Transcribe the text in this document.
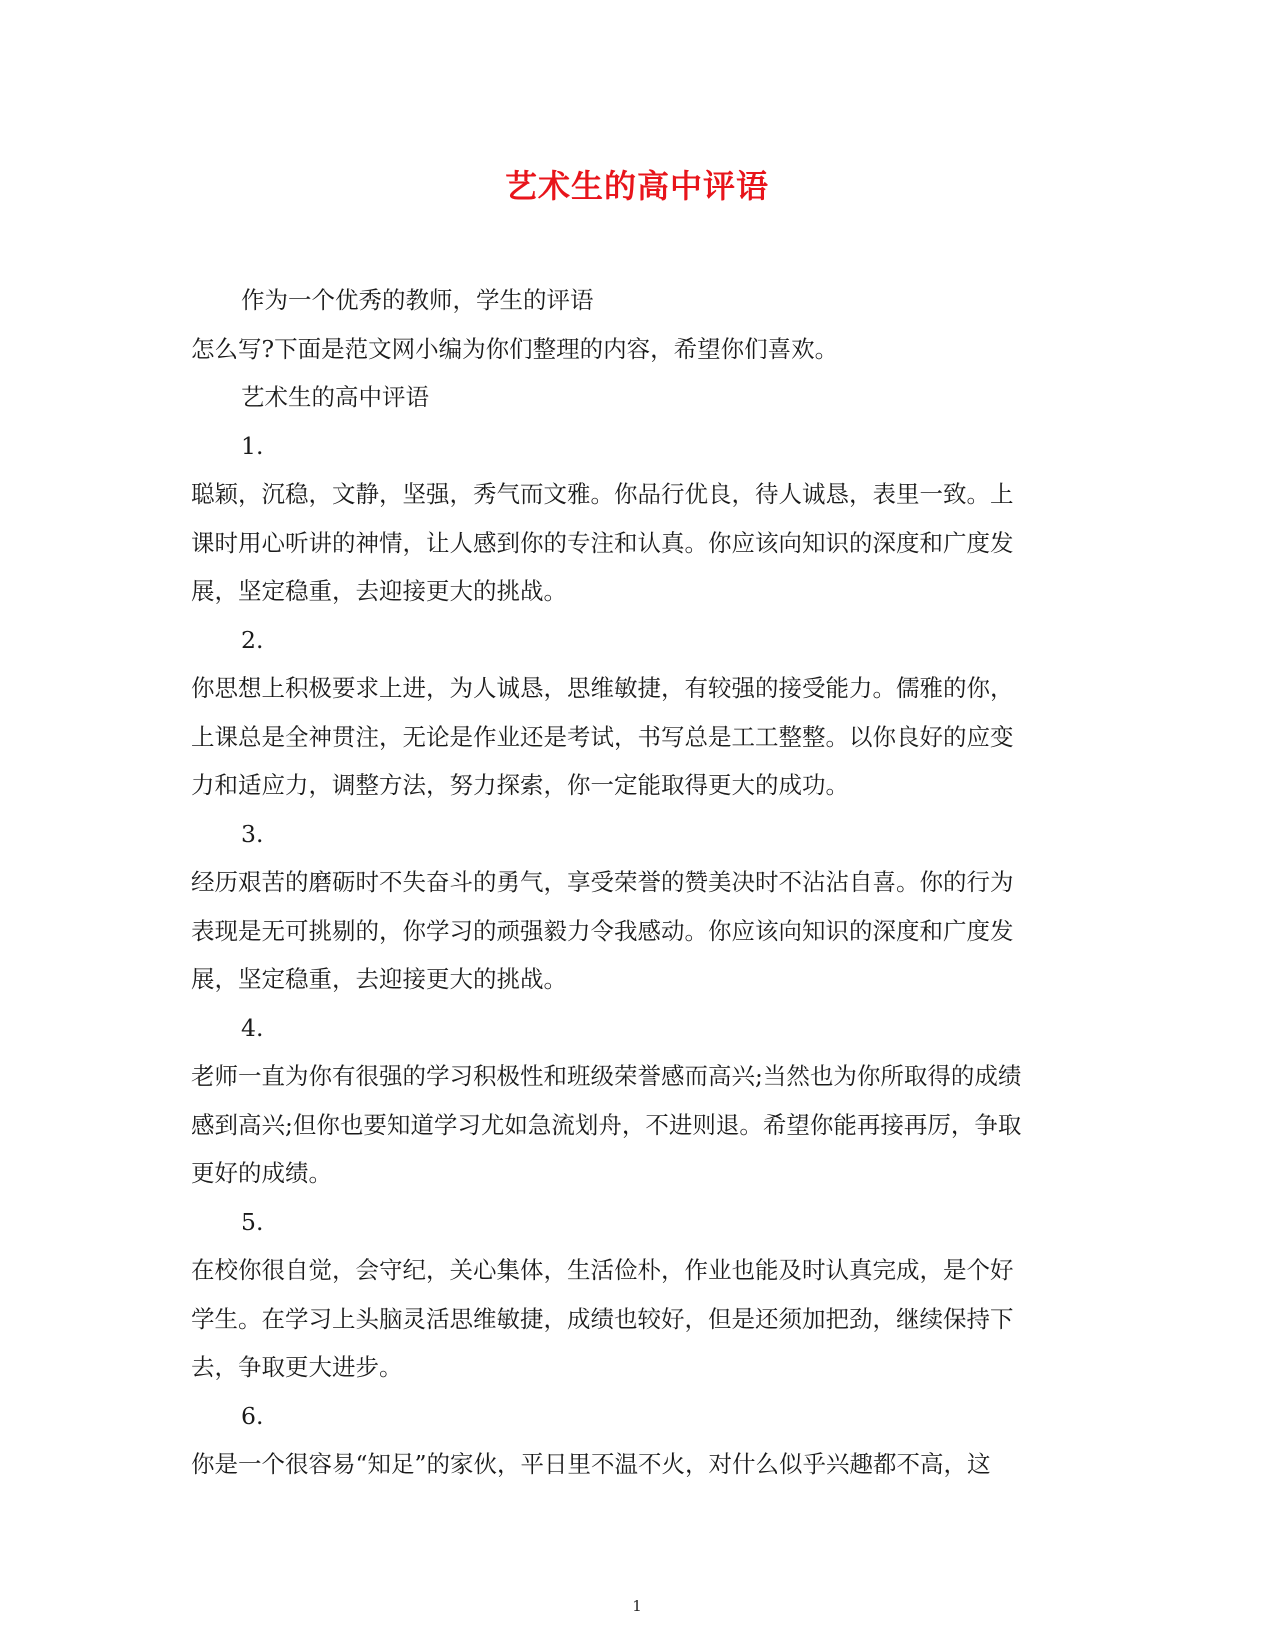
艺术生的高中评语
作为一个优秀的教师，学生的评语
怎么写?下面是范文网小编为你们整理的内容，希望你们喜欢。
艺术生的高中评语
1.
聪颖，沉稳，文静，坚强，秀气而文雅。你品行优良，待人诚恳，表里一致。上
课时用心听讲的神情，让人感到你的专注和认真。你应该向知识的深度和广度发
展，坚定稳重，去迎接更大的挑战。
2.
你思想上积极要求上进，为人诚恳，思维敏捷，有较强的接受能力。儒雅的你，
上课总是全神贯注，无论是作业还是考试，书写总是工工整整。以你良好的应变
力和适应力，调整方法，努力探索，你一定能取得更大的成功。
3.
经历艰苦的磨砺时不失奋斗的勇气，享受荣誉的赞美决时不沾沾自喜。你的行为
表现是无可挑剔的，你学习的顽强毅力令我感动。你应该向知识的深度和广度发
展，坚定稳重，去迎接更大的挑战。
4.
老师一直为你有很强的学习积极性和班级荣誉感而高兴;当然也为你所取得的成绩
感到高兴;但你也要知道学习尤如急流划舟，不进则退。希望你能再接再厉，争取
更好的成绩。
5.
在校你很自觉，会守纪，关心集体，生活俭朴，作业也能及时认真完成，是个好
学生。在学习上头脑灵活思维敏捷，成绩也较好，但是还须加把劲，继续保持下
去，争取更大进步。
6.
你是一个很容易“知足”的家伙，平日里不温不火，对什么似乎兴趣都不高，这
1
